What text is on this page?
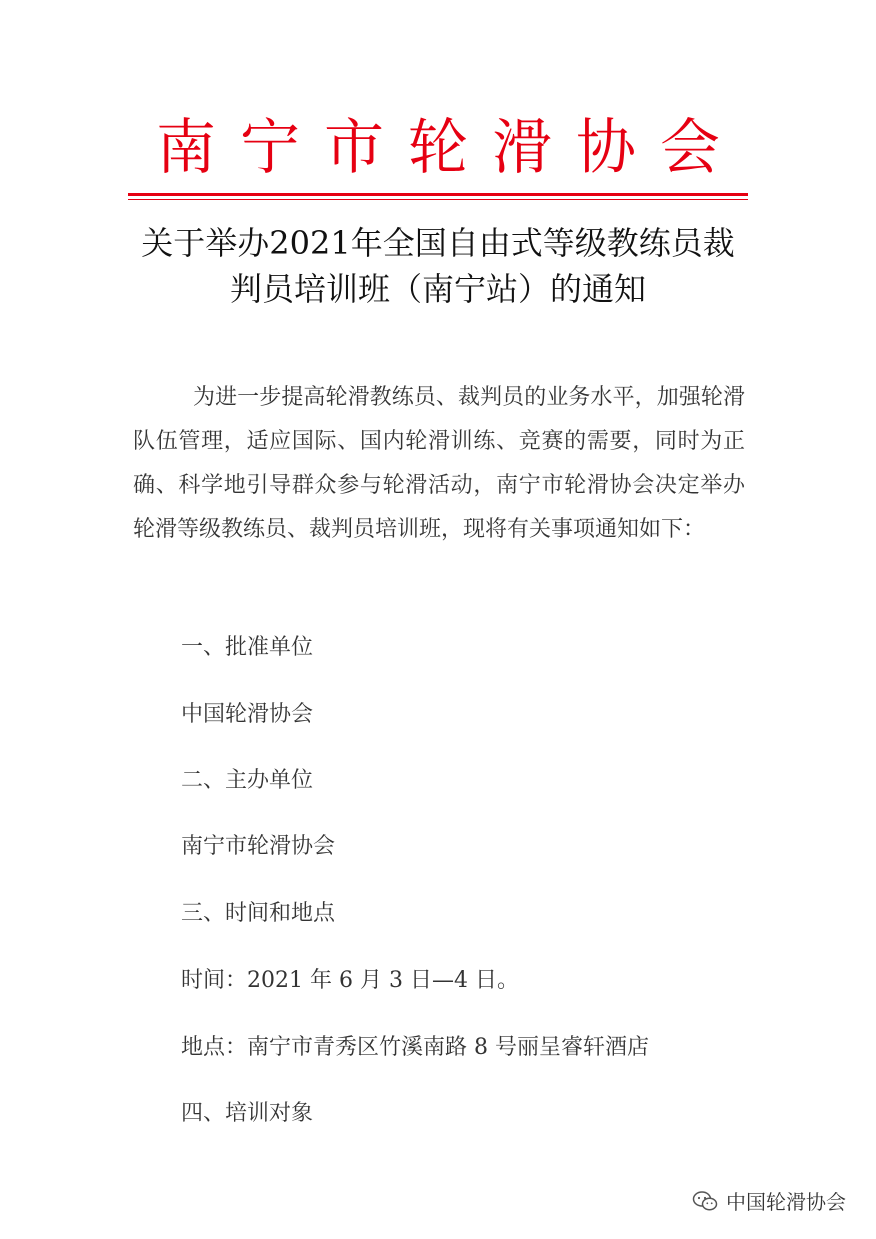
南宁市轮滑协会
关于举办2021年全国自由式等级教练员裁
判员培训班（南宁站）的通知

为进一步提高轮滑教练员、裁判员的业务水平，加强轮滑队伍管理，适应国际、国内轮滑训练、竞赛的需要，同时为正确、科学地引导群众参与轮滑活动，南宁市轮滑协会决定举办轮滑等级教练员、裁判员培训班，现将有关事项通知如下：

一、批准单位
中国轮滑协会
二、主办单位
南宁市轮滑协会
三、时间和地点
时间：2021 年 6 月 3 日—4 日。
地点：南宁市青秀区竹溪南路 8 号丽呈睿轩酒店
四、培训对象
中国轮滑协会
